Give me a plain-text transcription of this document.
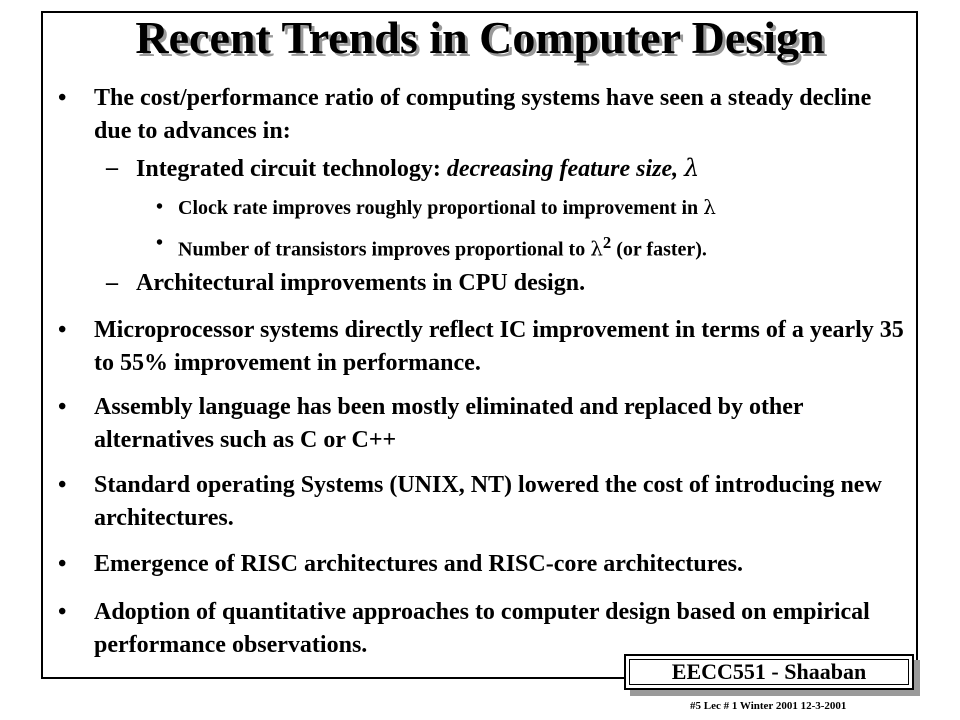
Recent Trends in Computer Design
• The cost/performance ratio of computing systems have seen a steady decline due to advances in:
– Integrated circuit technology: decreasing feature size, λ
• Clock rate improves roughly proportional to improvement in λ
• Number of transistors improves proportional to $\lambda^2$ (or faster).
– Architectural improvements in CPU design.
• Microprocessor systems directly reflect IC improvement in terms of a yearly 35 to 55% improvement in performance.
• Assembly language has been mostly eliminated and replaced by other alternatives such as C or C++
• Standard operating Systems (UNIX, NT) lowered the cost of introducing new architectures.
• Emergence of RISC architectures and RISC-core architectures.
• Adoption of quantitative approaches to computer design based on empirical performance observations.
EECC551 - Shaaban
#5 Lec # 1 Winter 2001 12-3-2001
